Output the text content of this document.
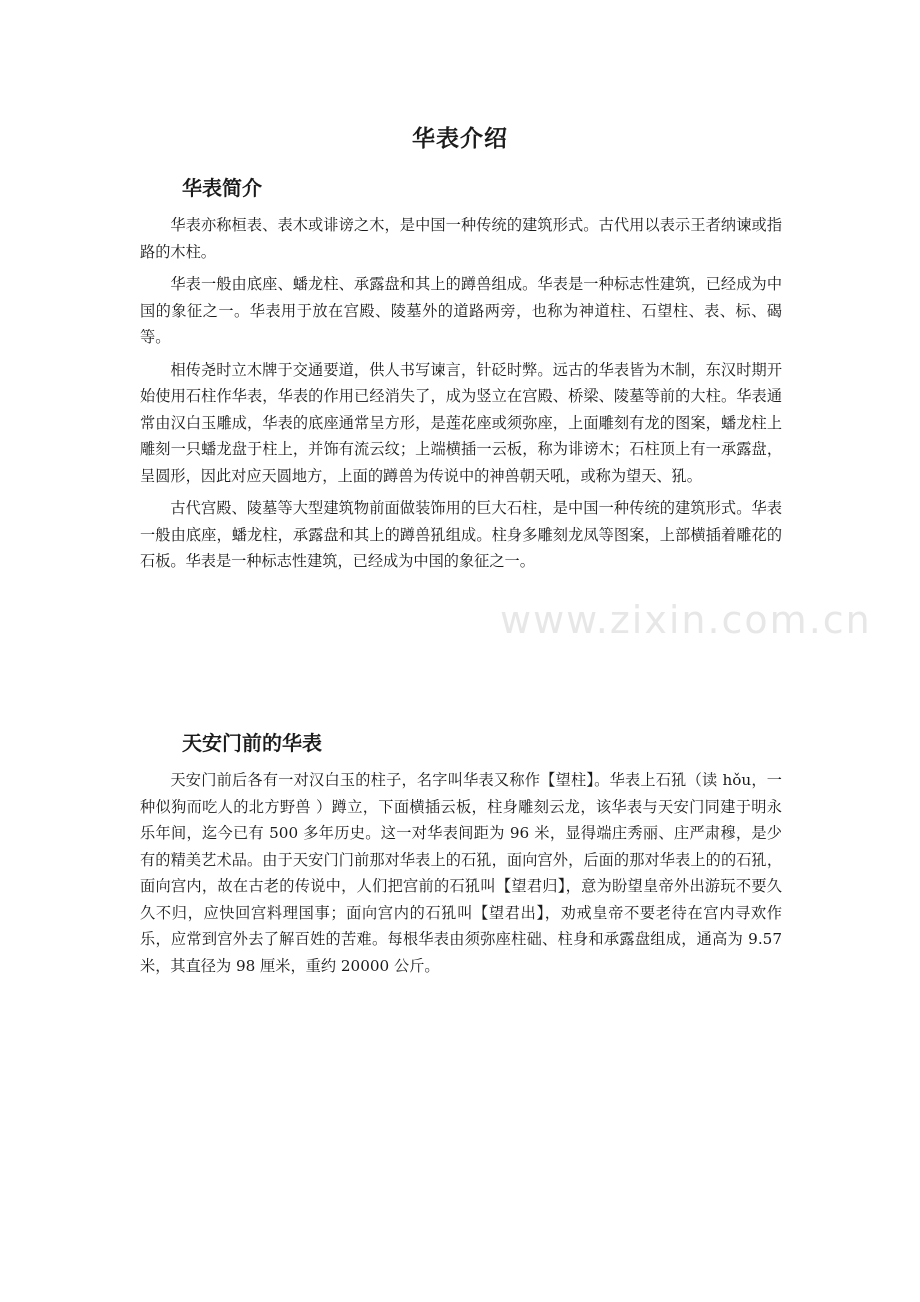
华表介绍
华表简介

华表亦称桓表、表木或诽谤之木，是中国一种传统的建筑形式。古代用以表示王者纳谏或指路的木柱。

华表一般由底座、蟠龙柱、承露盘和其上的蹲兽组成。华表是一种标志性建筑，已经成为中国的象征之一。华表用于放在宫殿、陵墓外的道路两旁，也称为神道柱、石望柱、表、标、碣等。

相传尧时立木牌于交通要道，供人书写谏言，针砭时弊。远古的华表皆为木制，东汉时期开始使用石柱作华表，华表的作用已经消失了，成为竖立在宫殿、桥梁、陵墓等前的大柱。华表通常由汉白玉雕成，华表的底座通常呈方形，是莲花座或须弥座，上面雕刻有龙的图案，蟠龙柱上雕刻一只蟠龙盘于柱上，并饰有流云纹；上端横插一云板，称为诽谤木；石柱顶上有一承露盘，呈圆形，因此对应天圆地方，上面的蹲兽为传说中的神兽朝天吼，或称为望天、犼。

古代宫殿、陵墓等大型建筑物前面做装饰用的巨大石柱，是中国一种传统的建筑形式。华表一般由底座，蟠龙柱，承露盘和其上的蹲兽犼组成。柱身多雕刻龙凤等图案，上部横插着雕花的石板。华表是一种标志性建筑，已经成为中国的象征之一。

天安门前的华表

天安门前后各有一对汉白玉的柱子，名字叫华表又称作【望柱】。华表上石犼（读 hǒu，一种似狗而吃人的北方野兽 ）蹲立，下面横插云板，柱身雕刻云龙，该华表与天安门同建于明永乐年间，迄今已有 500 多年历史。这一对华表间距为 96 米，显得端庄秀丽、庄严肃穆，是少有的精美艺术品。由于天安门门前那对华表上的石犼，面向宫外，后面的那对华表上的的石犼，面向宫内，故在古老的传说中，人们把宫前的石犼叫【望君归】，意为盼望皇帝外出游玩不要久久不归，应快回宫料理国事；面向宫内的石犼叫【望君出】，劝戒皇帝不要老待在宫内寻欢作乐，应常到宫外去了解百姓的苦难。每根华表由须弥座柱础、柱身和承露盘组成，通高为 9.57 米，其直径为 98 厘米，重约 20000 公斤。

www.zixin.com.cn
